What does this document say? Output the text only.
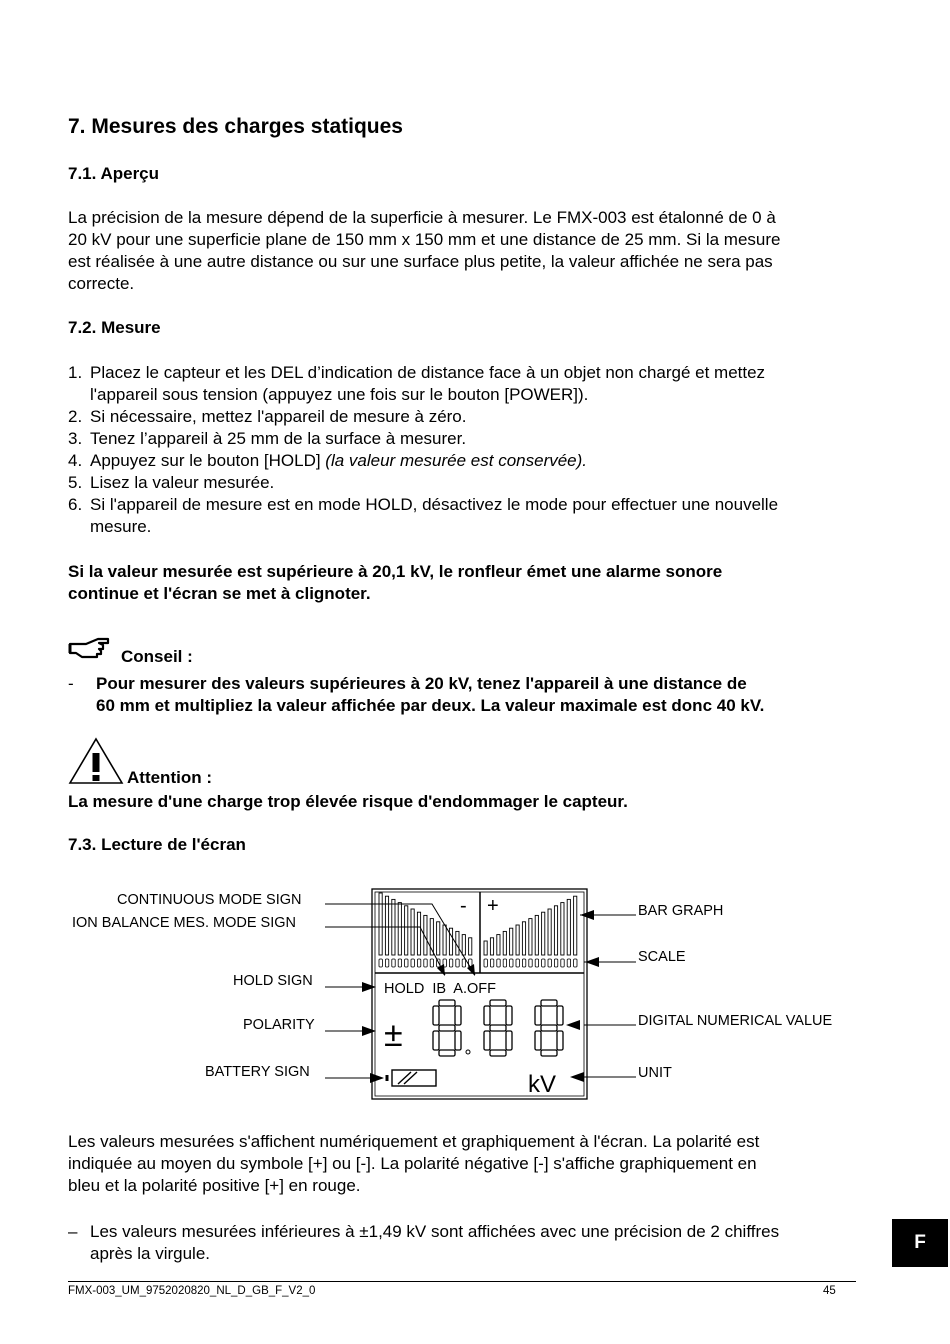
7. Mesures des charges statiques
7.1. Aperçu
La précision de la mesure dépend de la superficie à mesurer. Le FMX-003 est étalonné de 0 à
20 kV pour une superficie plane de 150 mm x 150 mm et une distance de 25 mm. Si la mesure
est réalisée à une autre distance ou sur une surface plus petite, la valeur affichée ne sera pas
correcte.
7.2. Mesure
1. Placez le capteur et les DEL d’indication de distance face à un objet non chargé et mettez
l'appareil sous tension (appuyez une fois sur le bouton [POWER]).
2. Si nécessaire, mettez l'appareil de mesure à zéro.
3. Tenez l’appareil à 25 mm de la surface à mesurer.
4. Appuyez sur le bouton [HOLD] (la valeur mesurée est conservée).
5. Lisez la valeur mesurée.
6. Si l'appareil de mesure est en mode HOLD, désactivez le mode pour effectuer une nouvelle
mesure.
Si la valeur mesurée est supérieure à 20,1 kV, le ronfleur émet une alarme sonore
continue et l'écran se met à clignoter.
Conseil :
- Pour mesurer des valeurs supérieures à 20 kV, tenez l'appareil à une distance de
60 mm et multipliez la valeur affichée par deux. La valeur maximale est donc 40 kV.
Attention :
La mesure d'une charge trop élevée risque d'endommager le capteur.
7.3. Lecture de l'écran
CONTINUOUS MODE SIGN
ION BALANCE MES. MODE SIGN
HOLD SIGN
POLARITY
BATTERY SIGN
BAR GRAPH
SCALE
DIGITAL NUMERICAL VALUE
UNIT
- +
HOLD  IB  A.OFF
±
kV
Les valeurs mesurées s'affichent numériquement et graphiquement à l'écran. La polarité est
indiquée au moyen du symbole [+] ou [-]. La polarité négative [-] s'affiche graphiquement en
bleu et la polarité positive [+] en rouge.
– Les valeurs mesurées inférieures à ±1,49 kV sont affichées avec une précision de 2 chiffres
après la virgule.
F
FMX-003_UM_9752020820_NL_D_GB_F_V2_0	45
